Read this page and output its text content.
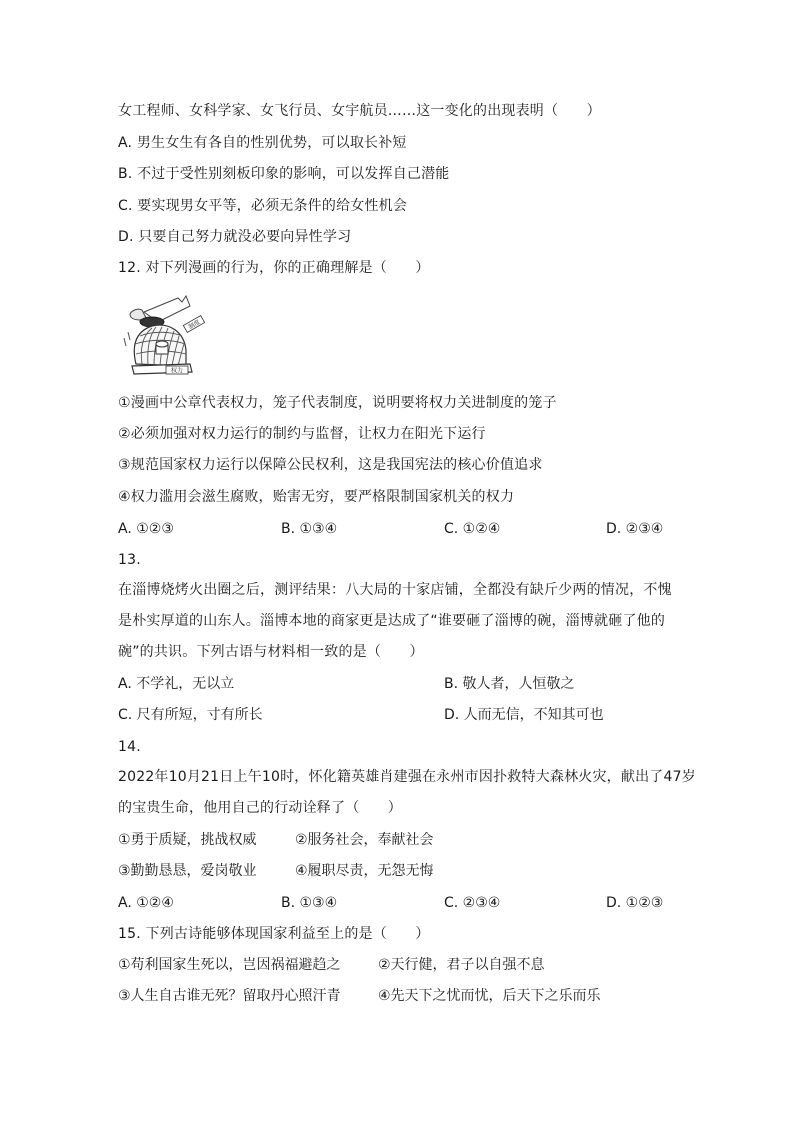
女工程师、女科学家、女飞行员、女宇航员……这一变化的出现表明（　　）
A. 男生女生有各自的性别优势，可以取长补短
B. 不过于受性别刻板印象的影响，可以发挥自己潜能
C. 要实现男女平等，必须无条件的给女性机会
D. 只要自己努力就没必要向异性学习
12. 对下列漫画的行为，你的正确理解是（　　）
权力
制度
①漫画中公章代表权力，笼子代表制度，说明要将权力关进制度的笼子
②必须加强对权力运行的制约与监督，让权力在阳光下运行
③规范国家权力运行以保障公民权利，这是我国宪法的核心价值追求
④权力滥用会滋生腐败，贻害无穷，要严格限制国家机关的权力
A. ①②③	B. ①③④	C. ①②④	D. ②③④
13.
在淄博烧烤火出圈之后，测评结果：八大局的十家店铺，全都没有缺斤少两的情况，不愧
是朴实厚道的山东人。淄博本地的商家更是达成了“谁要砸了淄博的碗，淄博就砸了他的
碗”的共识。下列古语与材料相一致的是（　　）
A. 不学礼，无以立	B. 敬人者，人恒敬之
C. 尺有所短，寸有所长	D. 人而无信，不知其可也
14.
2022年10月21日上午10时，怀化籍英雄肖建强在永州市因扑救特大森林火灾，献出了47岁
的宝贵生命，他用自己的行动诠释了（　　）
①勇于质疑，挑战权威	②服务社会，奉献社会
③勤勤恳恳，爱岗敬业	④履职尽责，无怨无悔
A. ①②④	B. ①③④	C. ②③④	D. ①②③
15. 下列古诗能够体现国家利益至上的是（　　）
①苟利国家生死以，岂因祸福避趋之	②天行健，君子以自强不息
③人生自古谁无死？留取丹心照汗青	④先天下之忧而忧，后天下之乐而乐
